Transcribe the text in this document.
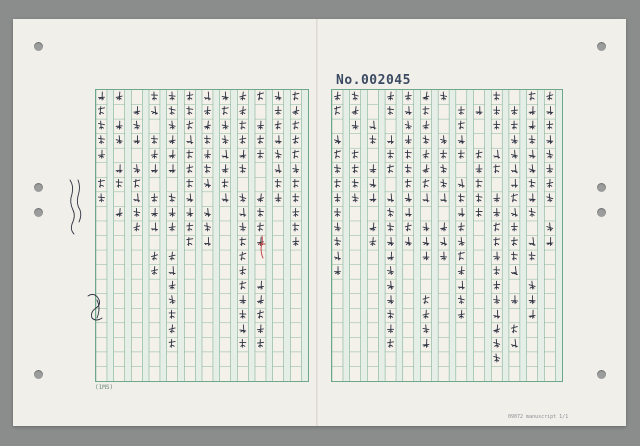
No.002045
(1MS)
09072 manuscript 1/1
